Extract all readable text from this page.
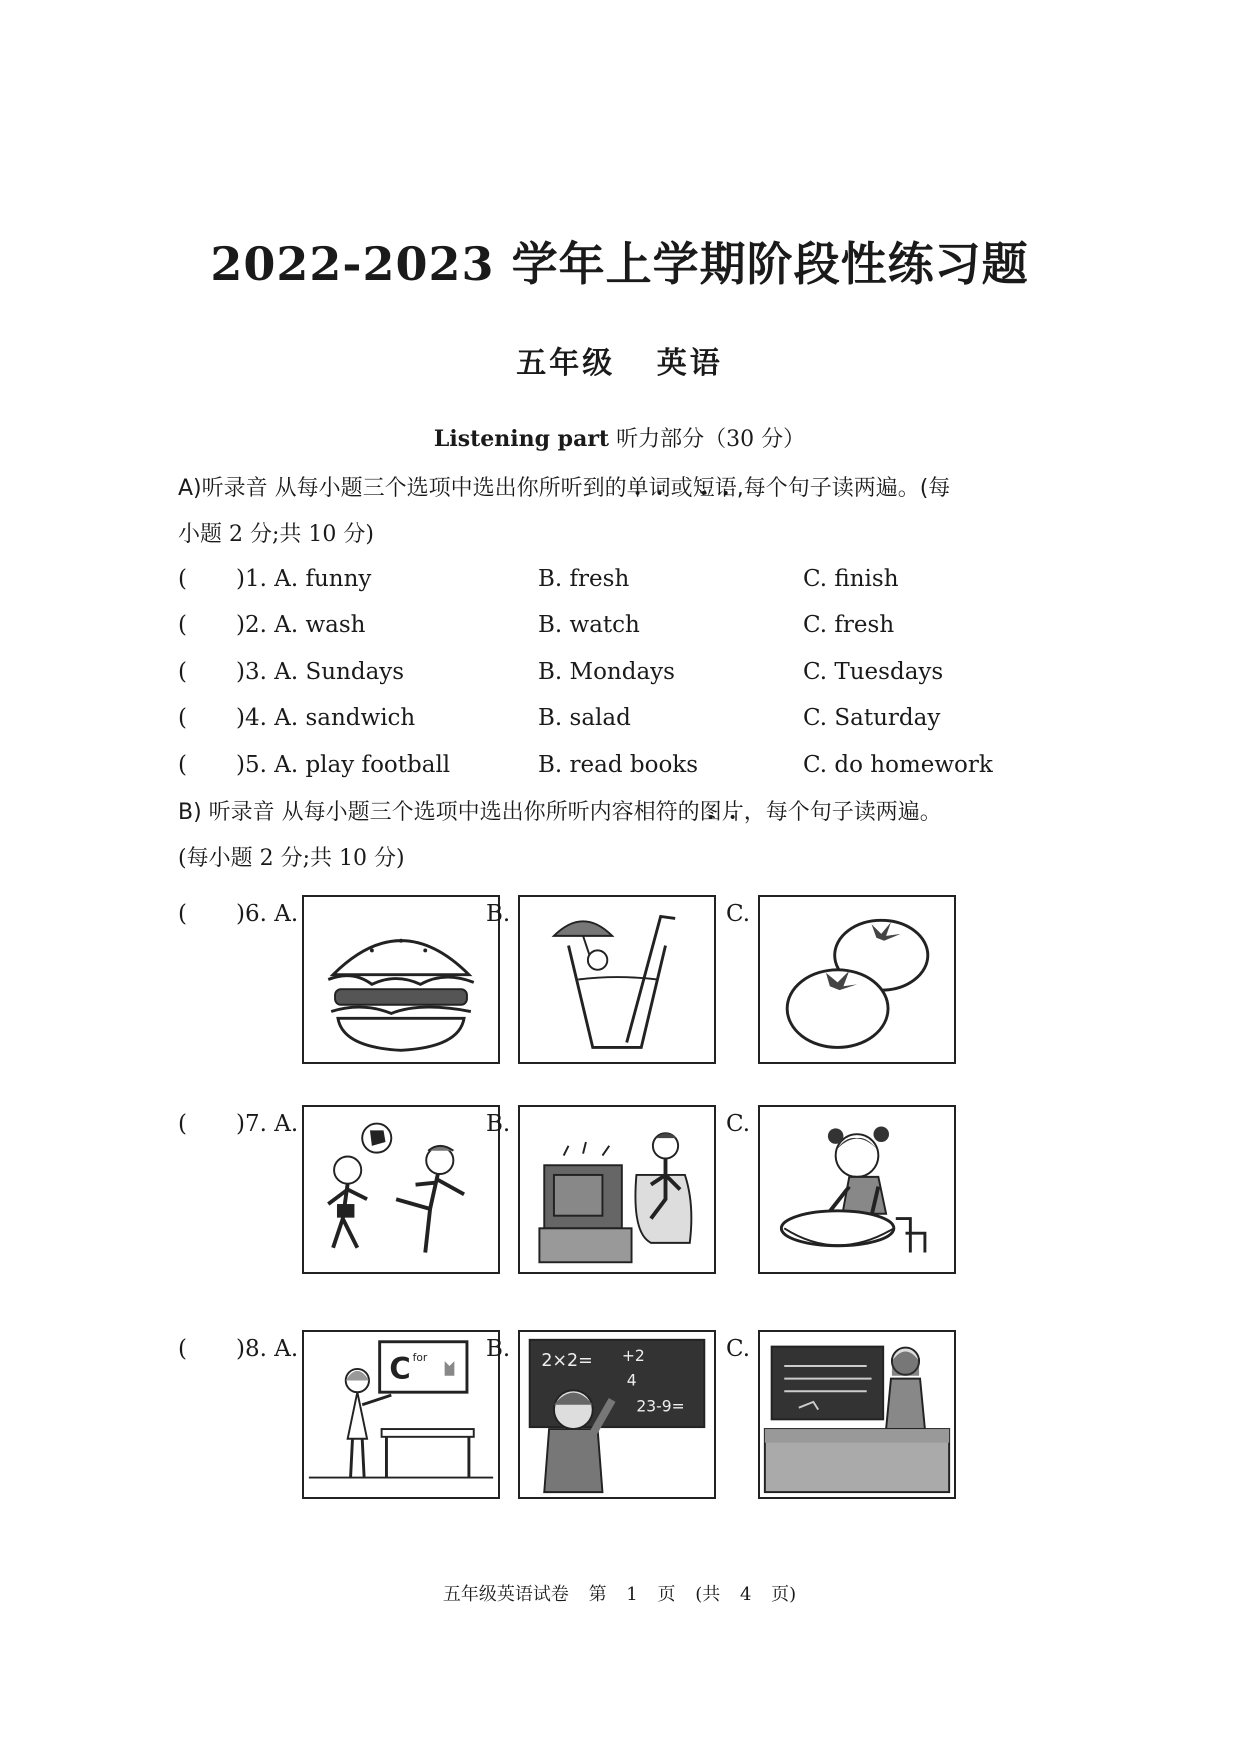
2022-2023 学年上学期阶段性练习题
五年级 英语
Listening part 听力部分（30 分）
A)听录音 从每小题三个选项中选出你所听到的单 •词 •或短 •语 •,每个句子读两遍。(每
小题 2 分;共 10 分)
( )1. A. funny	B. fresh	C. finish
( )2. A. wash	B. watch	C. fresh
( )3. A. Sundays	B. Mondays	C. Tuesdays
( )4. A. sandwich	B. salad	C. Saturday
( )5. A. play football	B. read books	C. do homework
B) 听录音 从每小题三个选项中选出你所听内容相符的图 •片 •，每个句子读两遍。
(每小题 2 分;共 10 分)
( )6. A.	B.	C.
( )7. A.	B.	C.
( )8. A.
C for	B. 2×2= +2
4
23-9=
C.
五年级英语试卷 第 1 页 (共 4 页)
